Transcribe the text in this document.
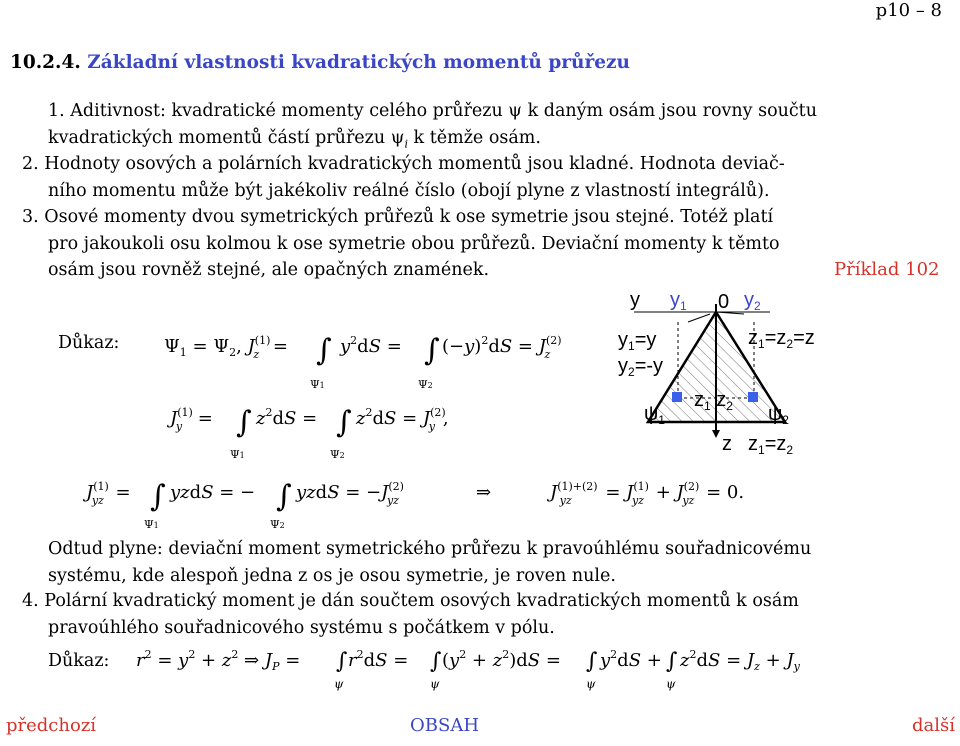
p10 – 8
10.2.4. Základní vlastnosti kvadratických momentů průřezu
1. Aditivnost: kvadratické momenty celého průřezu ψ k daným osám jsou rovny součtu
kvadratických momentů částí průřezu $\psi_i$ k těmže osám.
2. Hodnoty osových a polárních kvadratických momentů jsou kladné. Hodnota deviač-
ního momentu může být jakékoliv reálné číslo (obojí plyne z vlastností integrálů).
3. Osové momenty dvou symetrických průřezů k ose symetrie jsou stejné. Totéž platí
pro jakoukoli osu kolmou k ose symetrie obou průřezů. Deviační momenty k těmto
osám jsou rovněž stejné, ale opačných znamének.	Příklad 102
Důkaz: $\Psi_1 = \Psi_2$, $J^{(1)}$ z = ∫
Ψ1
$y^2dS$ = ∫
Ψ2
$(-y)^2dS = J^{(2)}$ z
$J^{(1)}$ y = ∫
Ψ1
$z^2dS$ = ∫
Ψ2
$z^2dS = J^{(2)}$ y ,
$J^{(1)}$ yz = ∫
Ψ1
yzdS = − ∫
Ψ2
yzdS = $-J^{(2)}$ yz	⇒	$J^{(1)+(2)}$ yz = $J^{(1)}$ yz + $J^{(2)}$ yz = 0.
y $y_1$ 0 $y_2$
$y_1=y$
$y_2=-y$
$z_1=z_2=z$
$z_1$ $z_2$
$\psi_1$	$\psi_2$
z $z_1=z_2$
Odtud plyne: deviační moment symetrického průřezu k pravoúhlému souřadnicovému
systému, kde alespoň jedna z os je osou symetrie, je roven nule.
4. Polární kvadratický moment je dán součtem osových kvadratických momentů k osám
pravoúhlého souřadnicového systému s počátkem v pólu.
Důkaz: $r^2 = y^2 + z^2$ ⇒ $J_P$ = ∫
ψ
$r^2dS$ = ∫
ψ
$(y^2 + z^2)dS$ = ∫
ψ
$y^2dS$ + ∫
ψ
$z^2dS = J_z + J_y$
předchozí	OBSAH	další
